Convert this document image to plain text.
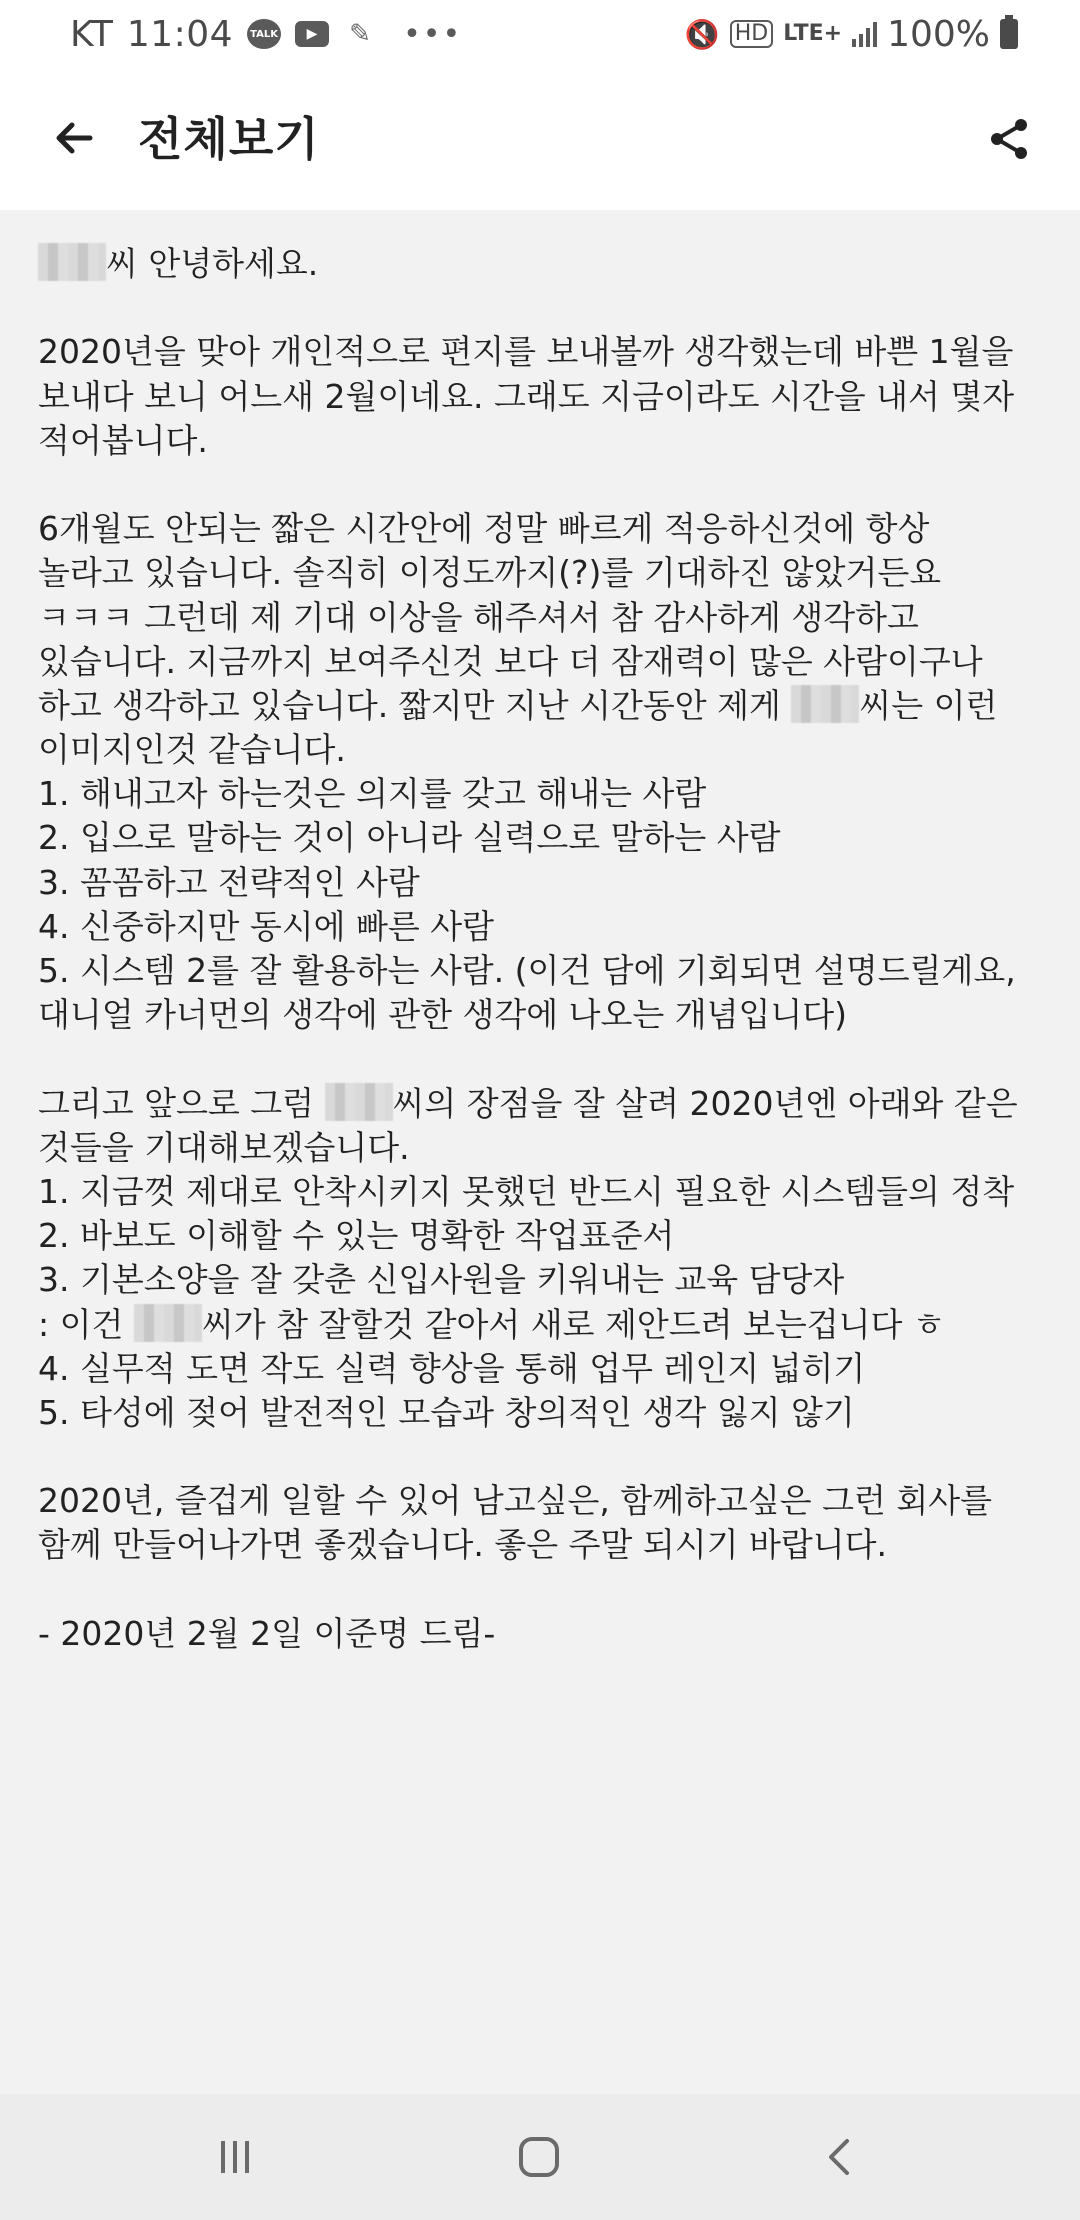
KT 11:04	TALK	▶	✎ •••	🔇 HD LTE+ 100%
전체보기
씨 안녕하세요.
2020년을 맞아 개인적으로 편지를 보내볼까 생각했는데 바쁜 1월을
보내다 보니 어느새 2월이네요. 그래도 지금이라도 시간을 내서 몇자
적어봅니다.
6개월도 안되는 짧은 시간안에 정말 빠르게 적응하신것에 항상
놀라고 있습니다. 솔직히 이정도까지(?)를 기대하진 않았거든요
ㅋㅋㅋ 그런데 제 기대 이상을 해주셔서 참 감사하게 생각하고
있습니다. 지금까지 보여주신것 보다 더 잠재력이 많은 사람이구나
하고 생각하고 있습니다. 짧지만 지난 시간동안 제게 씨는 이런
이미지인것 같습니다.
1. 해내고자 하는것은 의지를 갖고 해내는 사람
2. 입으로 말하는 것이 아니라 실력으로 말하는 사람
3. 꼼꼼하고 전략적인 사람
4. 신중하지만 동시에 빠른 사람
5. 시스템 2를 잘 활용하는 사람. (이건 담에 기회되면 설명드릴게요,
대니얼 카너먼의 생각에 관한 생각에 나오는 개념입니다)
그리고 앞으로 그럼 씨의 장점을 잘 살려 2020년엔 아래와 같은
것들을 기대해보겠습니다.
1. 지금껏 제대로 안착시키지 못했던 반드시 필요한 시스템들의 정착
2. 바보도 이해할 수 있는 명확한 작업표준서
3. 기본소양을 잘 갖춘 신입사원을 키워내는 교육 담당자
: 이건 씨가 참 잘할것 같아서 새로 제안드려 보는겁니다 ㅎ
4. 실무적 도면 작도 실력 향상을 통해 업무 레인지 넓히기
5. 타성에 젖어 발전적인 모습과 창의적인 생각 잃지 않기
2020년, 즐겁게 일할 수 있어 남고싶은, 함께하고싶은 그런 회사를
함께 만들어나가면 좋겠습니다. 좋은 주말 되시기 바랍니다.
- 2020년 2월 2일 이준명 드림-
